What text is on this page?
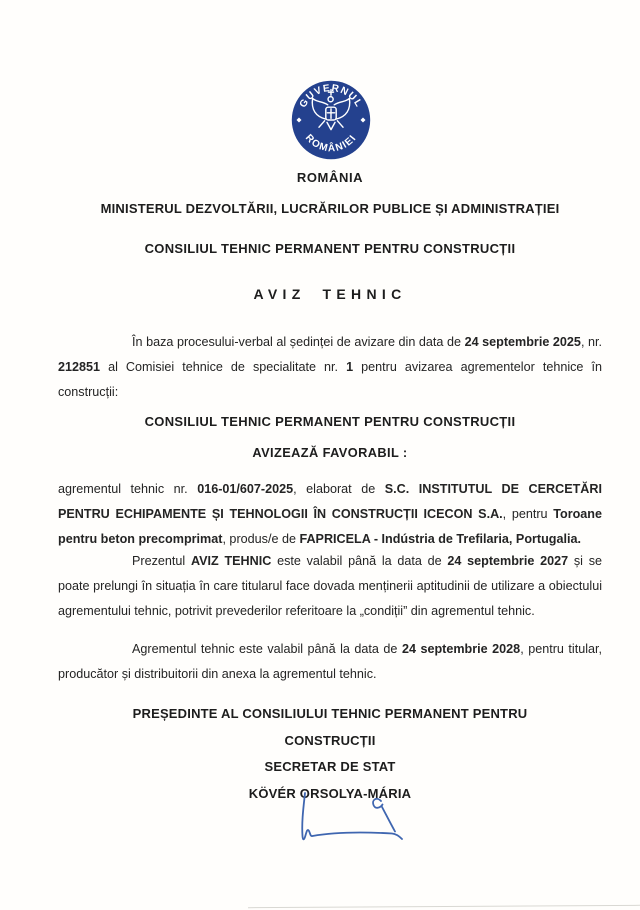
GUVERNUL
ROMÂNIEI
ROMÂNIA
MINISTERUL DEZVOLTĂRII, LUCRĂRILOR PUBLICE ȘI ADMINISTRAȚIEI
CONSILIUL TEHNIC PERMANENT PENTRU CONSTRUCȚII
AVIZ TEHNIC

În baza procesului-verbal al ședinței de avizare din data de 24 septembrie 2025, nr. 212851 al Comisiei tehnice de specialitate nr. 1 pentru avizarea agrementelor tehnice în construcții:

CONSILIUL TEHNIC PERMANENT PENTRU CONSTRUCȚII
AVIZEAZĂ FAVORABIL :

agrementul tehnic nr. 016-01/607-2025, elaborat de S.C. INSTITUTUL DE CERCETĂRI PENTRU ECHIPAMENTE ȘI TEHNOLOGII ÎN CONSTRUCȚII ICECON S.A., pentru Toroane pentru beton precomprimat, produs/e de FAPRICELA - Indústria de Trefilaria, Portugalia.

Prezentul AVIZ TEHNIC este valabil până la data de 24 septembrie 2027 și se poate prelungi în situația în care titularul face dovada menținerii aptitudinii de utilizare a obiectului agrementului tehnic, potrivit prevederilor referitoare la „condiții” din agrementul tehnic.

Agrementul tehnic este valabil până la data de 24 septembrie 2028, pentru titular, producător și distribuitorii din anexa la agrementul tehnic.

PREȘEDINTE AL CONSILIULUI TEHNIC PERMANENT PENTRU
CONSTRUCȚII
SECRETAR DE STAT
KÖVÉR ORSOLYA-MÁRIA
